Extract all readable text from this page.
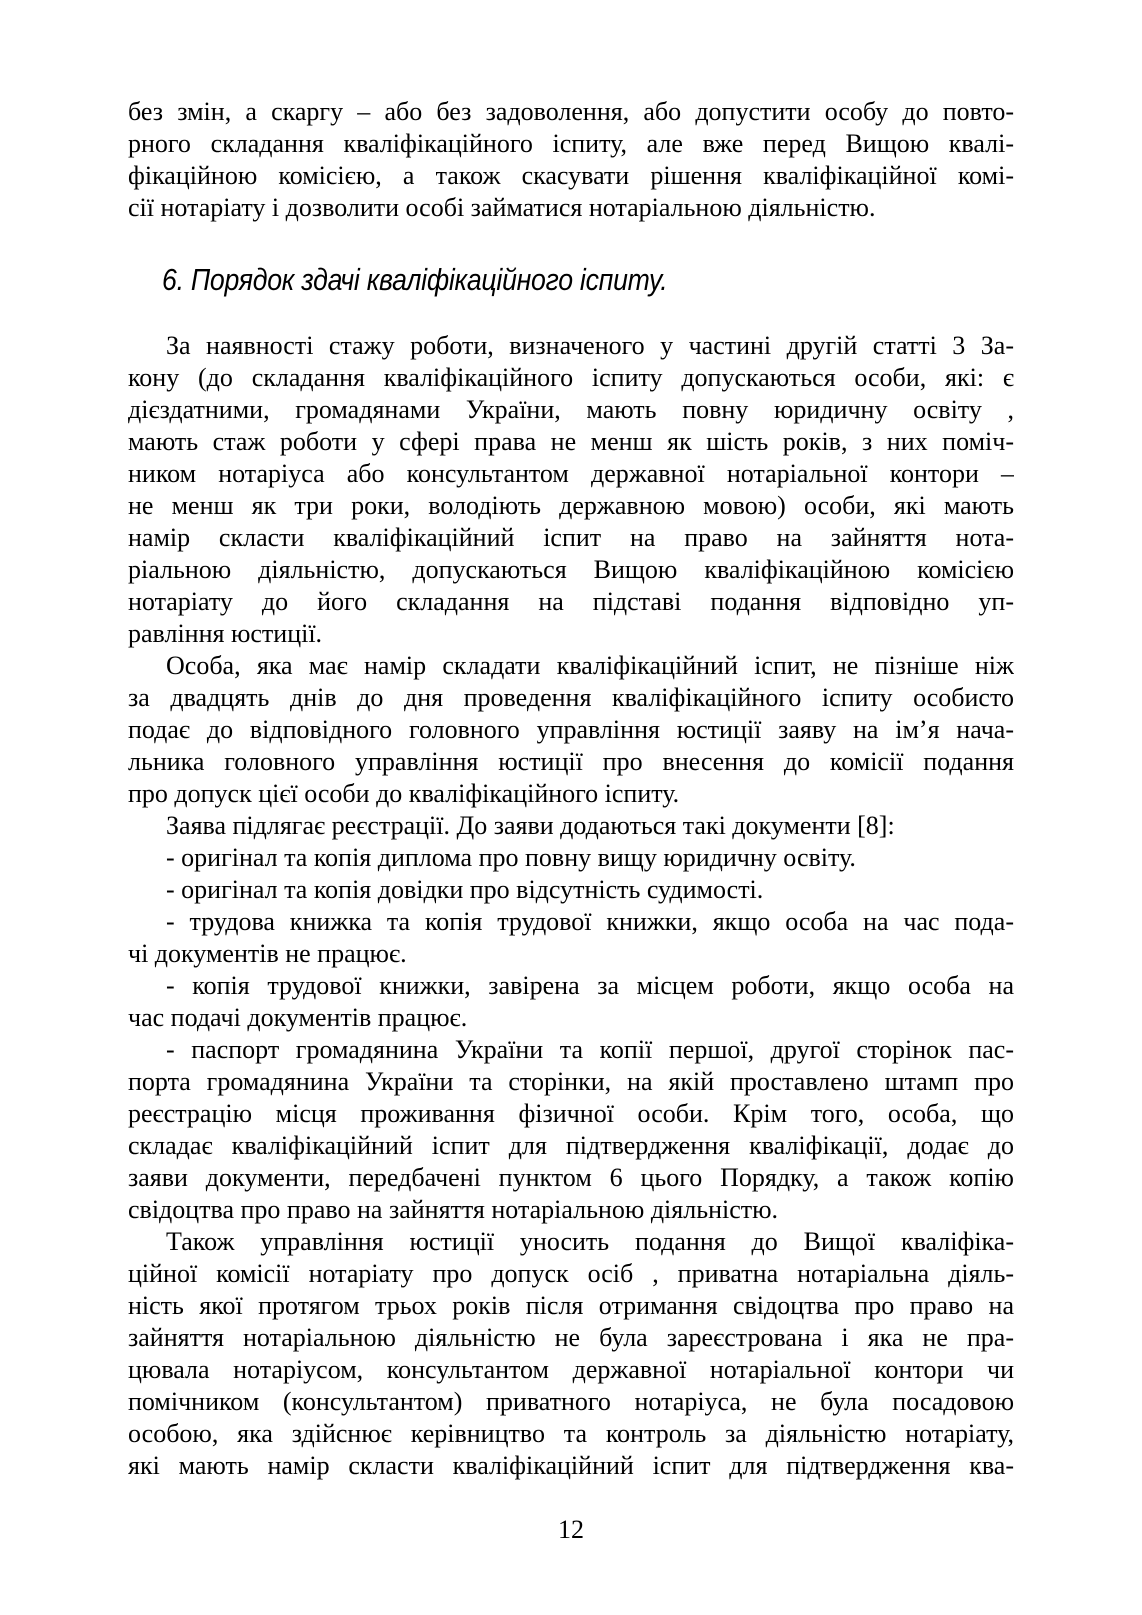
без змін, а скаргу – або без задоволення, або допустити особу до повто-
рного складання кваліфікаційного іспиту, але вже перед Вищою квалі-
фікаційною комісією, а також скасувати рішення кваліфікаційної комі-
сії нотаріату і дозволити особі займатися нотаріальною діяльністю.
6. Порядок здачі кваліфікаційного іспиту.
За наявності стажу роботи, визначеного у частині другій статті 3 За-
кону (до складання кваліфікаційного іспиту допускаються особи, які: є
дієздатними, громадянами України, мають повну юридичну освіту ,
мають стаж роботи у сфері права не менш як шість років, з них поміч-
ником нотаріуса або консультантом державної нотаріальної контори –
не менш як три роки, володіють державною мовою) особи, які мають
намір скласти кваліфікаційний іспит на право на зайняття нота-
ріальною діяльністю, допускаються Вищою кваліфікаційною комісією
нотаріату до його складання на підставі подання відповідно уп-
равління юстиції.
Особа, яка має намір складати кваліфікаційний іспит, не пізніше ніж
за двадцять днів до дня проведення кваліфікаційного іспиту особисто
подає до відповідного головного управління юстиції заяву на ім’я нача-
льника головного управління юстиції про внесення до комісії подання
про допуск цієї особи до кваліфікаційного іспиту.
Заява підлягає реєстрації. До заяви додаються такі документи [8]:
- оригінал та копія диплома про повну вищу юридичну освіту.
- оригінал та копія довідки про відсутність судимості.
- трудова книжка та копія трудової книжки, якщо особа на час пода-
чі документів не працює.
- копія трудової книжки, завірена за місцем роботи, якщо особа на
час подачі документів працює.
- паспорт громадянина України та копії першої, другої сторінок пас-
порта громадянина України та сторінки, на якій проставлено штамп про
реєстрацію місця проживання фізичної особи. Крім того, особа, що
складає кваліфікаційний іспит для підтвердження кваліфікації, додає до
заяви документи, передбачені пунктом 6 цього Порядку, а також копію
свідоцтва про право на зайняття нотаріальною діяльністю.
Також управління юстиції уносить подання до Вищої кваліфіка-
ційної комісії нотаріату про допуск осіб , приватна нотаріальна діяль-
ність якої протягом трьох років після отримання свідоцтва про право на
зайняття нотаріальною діяльністю не була зареєстрована і яка не пра-
цювала нотаріусом, консультантом державної нотаріальної контори чи
помічником (консультантом) приватного нотаріуса, не була посадовою
особою, яка здійснює керівництво та контроль за діяльністю нотаріату,
які мають намір скласти кваліфікаційний іспит для підтвердження ква-
12
